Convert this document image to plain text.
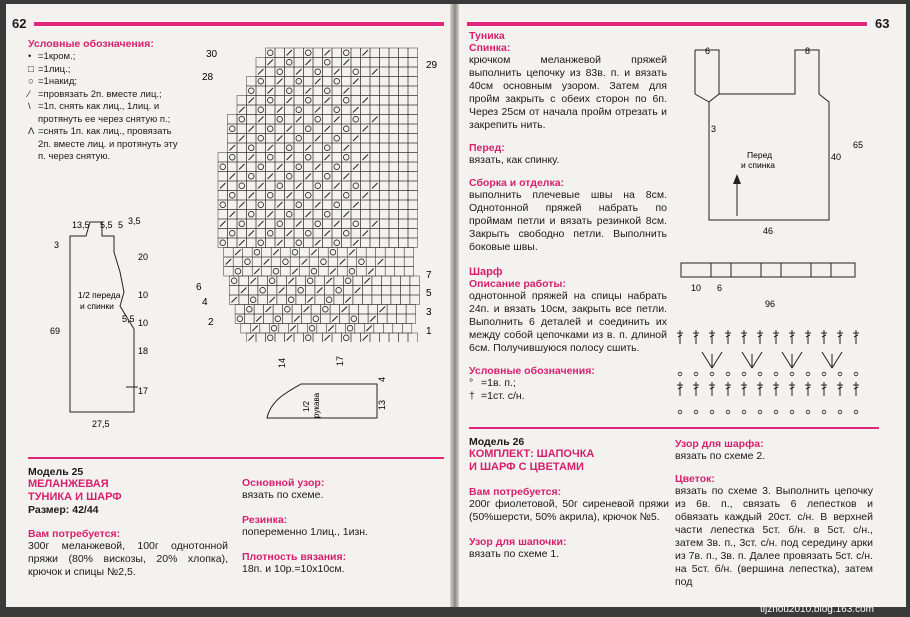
62
Условные обозначения:
• =1кром.;
□ =1лиц.;
○ =1накид;
⁄ =провязать 2п. вместе лиц.;
\ =1п. снять как лиц., 1лиц. и протянуть ее через снятую п.;
Λ =снять 1п. как лиц., провязать 2п. вместе лиц. и протянуть эту п. через снятую.
30
28
6
4
2
29
7
5
3
1
13,5 5,5 5 3,5
3
69
20
10
5,5 10
18
17
27,5
1/2 переда
и спинки
14	17
4
13
1/2 рукава
Модель 25
МЕЛАНЖЕВАЯ
ТУНИКА И ШАРФ
Размер: 42/44
Вам потребуется:
300г меланжевой, 100г однотонной пряжи (80% вискозы, 20% хлопка), крючок и спицы №2,5.
Основной узор:
вязать по схеме.
Резинка:
попеременно 1лиц., 1изн.
Плотность вязания:
18п. и 10р.=10х10см.
63
Туника
Спинка:
крючком меланжевой пряжей выполнить цепочку из 83в. п. и вязать 40см основным узором. Затем для пройм закрыть с обеих сторон по 6п. Через 25см от начала пройм отрезать и закрепить нить.
Перед:
вязать, как спинку.
Сборка и отделка:
выполнить плечевые швы на 8см. Однотонной пряжей набрать по проймам петли и вязать резинкой 8см. Закрыть свободно петли. Выполнить боковые швы.
Шарф
Описание работы:
однотонной пряжей на спицы набрать 24п. и вязать 10см, закрыть все петли. Выполнить 6 деталей и соединить их между собой цепочками из в. п. длиной 6см. Получившуюся полосу сшить.
Условные обозначения:
° =1в. п.;
† =1ст. с/н.
6	8
3
40
65
46
Перед
и спинка
10 6
96
Модель 26
КОМПЛЕКТ: ШАПОЧКА
И ШАРФ С ЦВЕТАМИ
Вам потребуется:
200г фиолетовой, 50г сиреневой пряжи (50%шерсти, 50% акрила), крючок №5.
Узор для шапочки:
вязать по схеме 1.
Узор для шарфа:
вязать по схеме 2.
Цветок:
вязать по схеме 3. Выполнить цепочку из 6в. п., связать 6 лепестков и обвязать каждый 20ст. с/н. В верхней части лепестка 5ст. б/н. в 5ст. с/н., затем 3в. п., 3ст. с/н. под середину арки из 7в. п., 3в. п. Далее провязать 5ст. с/н. на 5ст. б/н. (вершина лепестка), затем под
tljzhou2010.blog.163.com
